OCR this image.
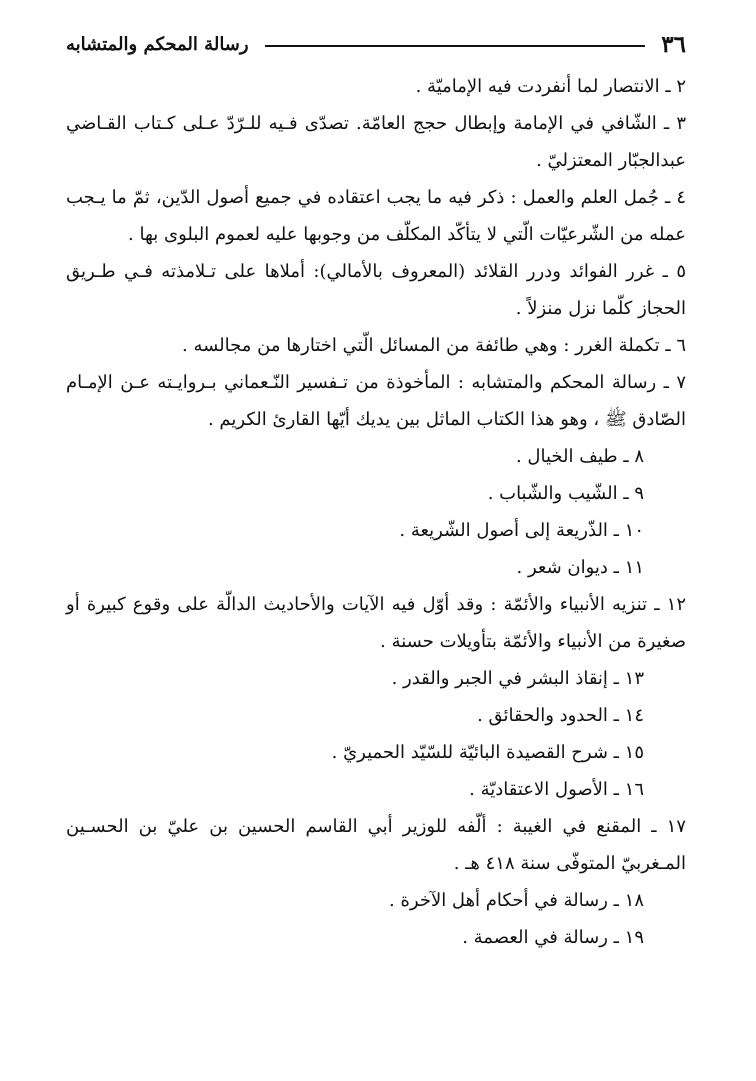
٣٦
رسالة المحكم والمتشابه

٢ ـ الانتصار لما أنفردت فيه الإماميّة .

٣ ـ الشّافي في الإمامة وإبطال حجج العامّة. تصدّى فـيه للـرّدّ عـلى كـتاب القـاضي عبدالجبّار المعتزليّ .

٤ ـ جُمل العلم والعمل : ذكر فيه ما يجب اعتقاده في جميع أصول الدّين، ثمّ ما يـجب عمله من الشّرعيّات الّتي لا يتأكّد المكلّف من وجوبها عليه لعموم البلوى بها .

٥ ـ غرر الفوائد ودرر القلائد (المعروف بالأمالي): أملاها على تـلامذته فـي طـريق الحجاز كلّما نزل منزلاً .

٦ ـ تكملة الغرر : وهي طائفة من المسائل الّتي اختارها من مجالسه .

٧ ـ رسالة المحكم والمتشابه : المأخوذة من تـفسير النّـعماني بـروايـته عـن الإمـام الصّادق ﷺ ، وهو هذا الكتاب الماثل بين يديك أيّها القارئ الكريم .

٨ ـ طيف الخيال .

٩ ـ الشّيب والشّباب .

١٠ ـ الذّريعة إلى أصول الشّريعة .

١١ ـ ديوان شعر .

١٢ ـ تنزيه الأنبياء والأئمّة : وقد أوّل فيه الآيات والأحاديث الدالّة على وقوع كبيرة أو صغيرة من الأنبياء والأئمّة بتأويلات حسنة .

١٣ ـ إنقاذ البشر في الجبر والقدر .

١٤ ـ الحدود والحقائق .

١٥ ـ شرح القصيدة البائيّة للسّيّد الحميريّ .

١٦ ـ الأصول الاعتقاديّة .

١٧ ـ المقنع في الغيبة : ألّفه للوزير أبي القاسم الحسين بن عليّ بن الحسـين المـغربيّ المتوفّى سنة ٤١٨ هـ .

١٨ ـ رسالة في أحكام أهل الآخرة .

١٩ ـ رسالة في العصمة .
